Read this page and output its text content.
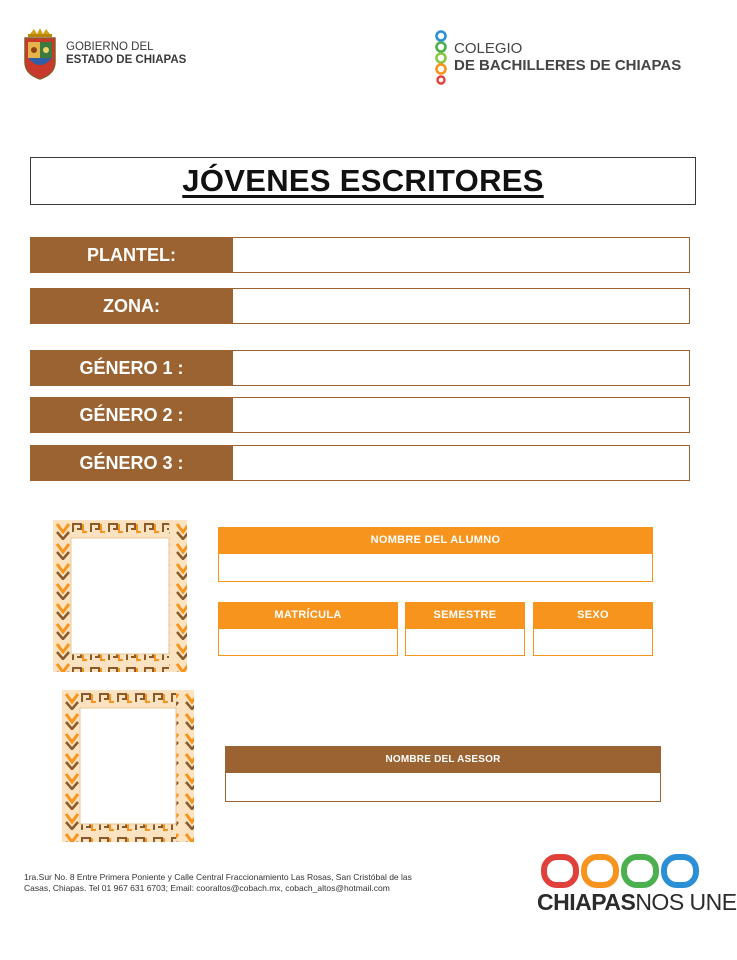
GOBIERNO DEL
ESTADO DE CHIAPAS
COLEGIO
DE BACHILLERES DE CHIAPAS
JÓVENES ESCRITORES
PLANTEL:
ZONA:
GÉNERO 1 :
GÉNERO 2 :
GÉNERO 3 :
NOMBRE DEL ALUMNO
MATRÍCULA	SEMESTRE	SEXO
NOMBRE DEL ASESOR
1ra.Sur No. 8 Entre Primera Poniente y Calle Central Fraccionamiento Las Rosas, San Cristóbal de las Casas, Chiapas. Tel 01 967 631 6703; Email: cooraltos@cobach.mx, cobach_altos@hotmail.com
CHIAPASNOS UNE
